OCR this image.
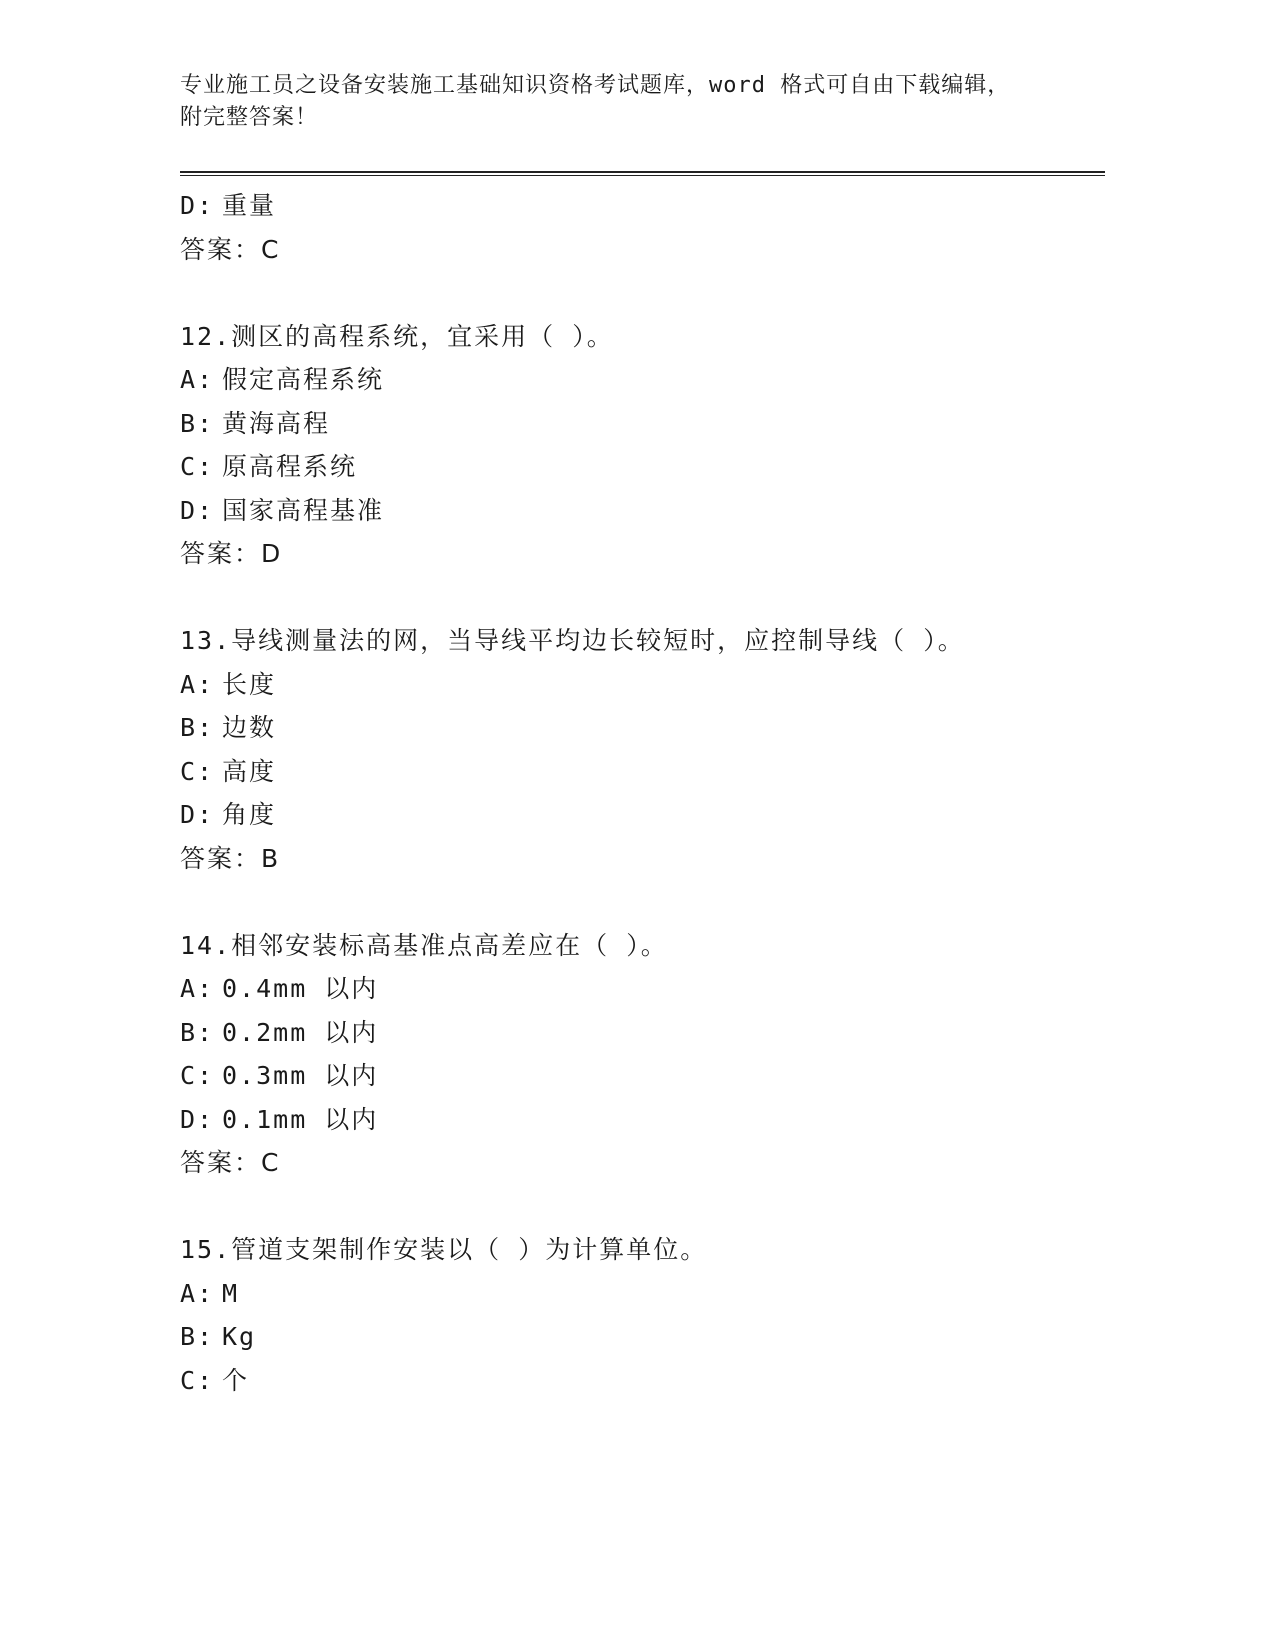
专业施工员之设备安装施工基础知识资格考试题库，word 格式可自由下载编辑，
附完整答案！
D: 重量
答案：C
12.测区的高程系统，宜采用（ ）。
A: 假定高程系统
B: 黄海高程
C: 原高程系统
D: 国家高程基准
答案：D
13.导线测量法的网，当导线平均边长较短时，应控制导线（ ）。
A: 长度
B: 边数
C: 高度
D: 角度
答案：B
14.相邻安装标高基准点高差应在（ ）。
A: 0.4mm 以内
B: 0.2mm 以内
C: 0.3mm 以内
D: 0.1mm 以内
答案：C
15.管道支架制作安装以（ ）为计算单位。
A: M
B: Kg
C: 个
